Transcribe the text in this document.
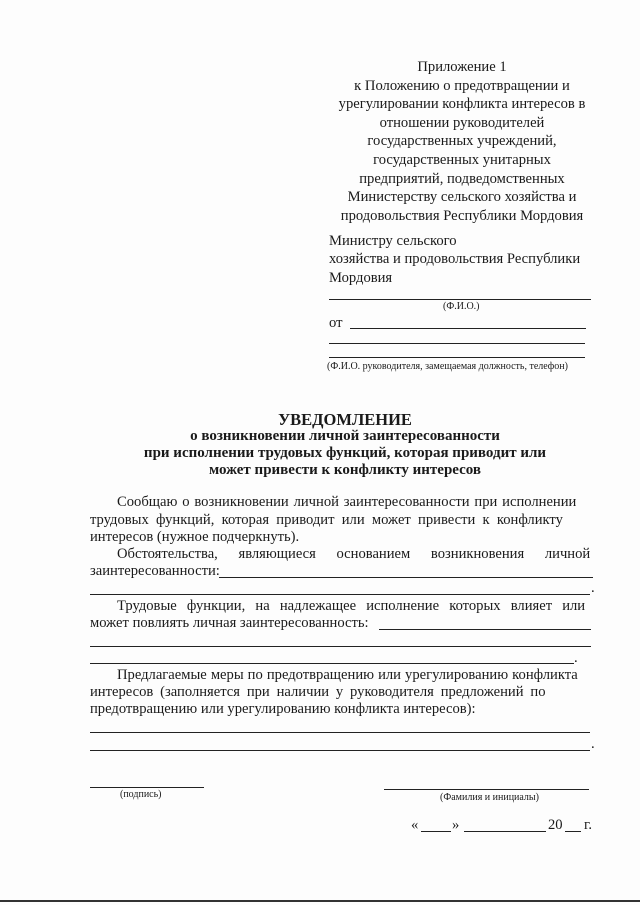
Приложение 1
к Положению о предотвращении и
урегулировании конфликта интересов в
отношении руководителей
государственных учреждений,
государственных унитарных
предприятий, подведомственных
Министерству сельского хозяйства и
продовольствия Республики Мордовия
Министру сельского
хозяйства и продовольствия Республики
Мордовия
(Ф.И.О.)
от
(Ф.И.О. руководителя, замещаемая должность, телефон)
УВЕДОМЛЕНИЕ
о возникновении личной заинтересованности
при исполнении трудовых функций, которая приводит или
может привести к конфликту интересов
Сообщаю о возникновении личной заинтересованности при исполнении
трудовых функций, которая приводит или может привести к конфликту
интересов (нужное подчеркнуть).
Обстоятельства, являющиеся основанием возникновения личной
заинтересованности:
.
Трудовые функции, на надлежащее исполнение которых влияет или
может повлиять личная заинтересованность:
.
Предлагаемые меры по предотвращению или урегулированию конфликта
интересов (заполняется при наличии у руководителя предложений по
предотвращению или урегулированию конфликта интересов):
.
(подпись)	(Фамилия и инициалы)
« »	20 г.
